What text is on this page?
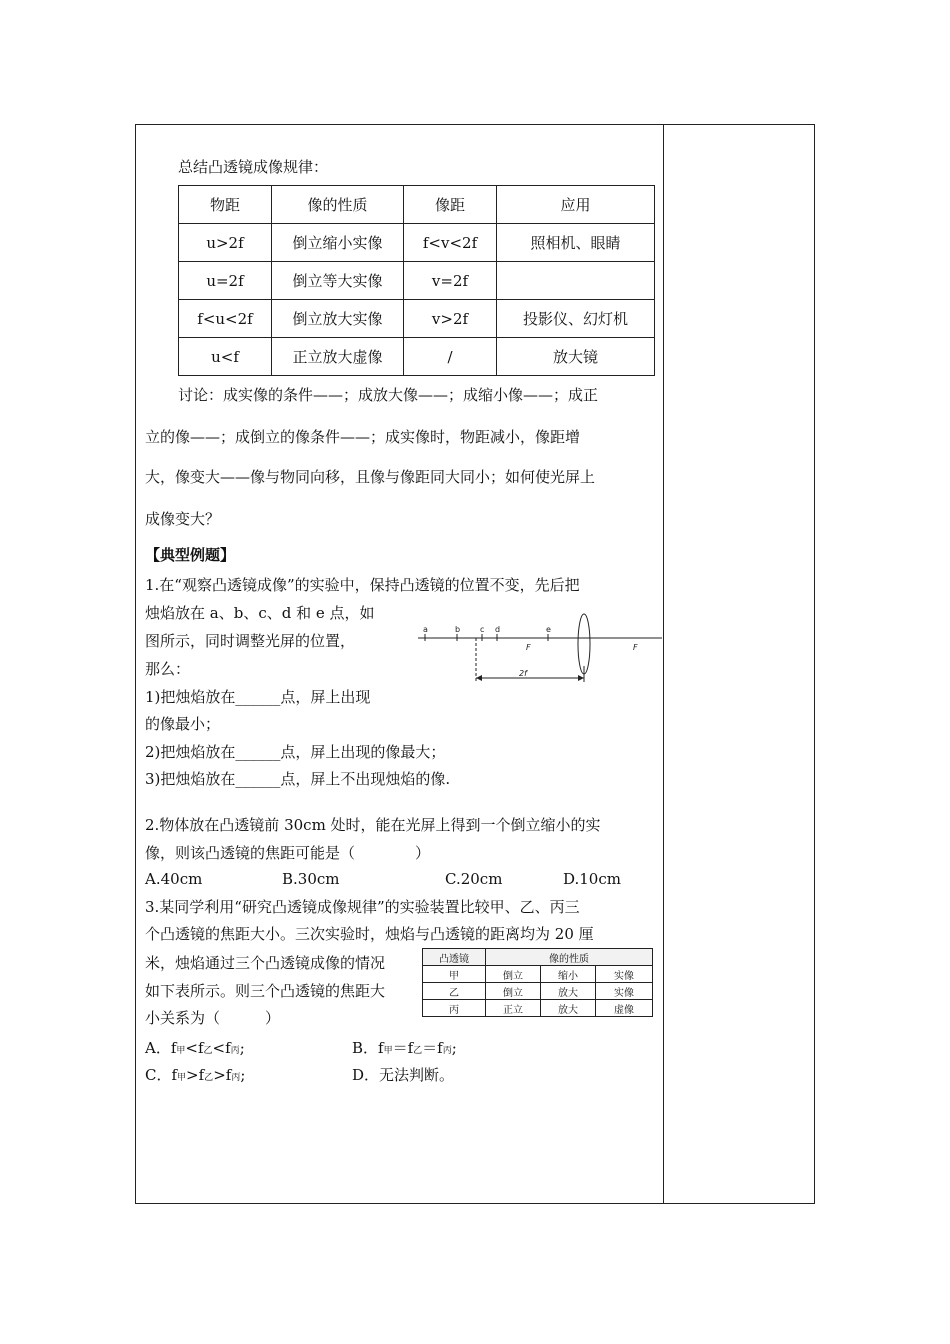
总结凸透镜成像规律：
物距	像的性质	像距	应用
u>2f	倒立缩小实像	f<v<2f	照相机、眼睛
u=2f	倒立等大实像	v=2f	
f<u<2f	倒立放大实像	v>2f	投影仪、幻灯机
u<f	正立放大虚像	/	放大镜
讨论：成实像的条件——；成放大像——；成缩小像——；成正
立的像——；成倒立的像条件——；成实像时，物距减小，像距增
大，像变大——像与物同向移，且像与像距同大同小；如何使光屏上
成像变大？
【典型例题】
1.在“观察凸透镜成像”的实验中，保持凸透镜的位置不变，先后把
烛焰放在 a、b、c、d 和 e 点，如
图所示，同时调整光屏的位置，
那么：
1)把烛焰放在______点，屏上出现
的像最小；
2)把烛焰放在______点，屏上出现的像最大；
3)把烛焰放在______点，屏上不出现烛焰的像.
a	b c d	e
F	F
2f
2.物体放在凸透镜前 30cm 处时，能在光屏上得到一个倒立缩小的实
像，则该凸透镜的焦距可能是（　　　　）
A.40cm	B.30cm	C.20cm	D.10cm
3.某同学利用“研究凸透镜成像规律”的实验装置比较甲、乙、丙三
个凸透镜的焦距大小。三次实验时，烛焰与凸透镜的距离均为 20 厘
米，烛焰通过三个凸透镜成像的情况
如下表所示。则三个凸透镜的焦距大
小关系为（　　　）
凸透镜	像的性质		
甲	倒立	缩小	实像
乙	倒立	放大	实像
丙	正立	放大	虚像
A．f甲<f乙<f丙;	B．f甲＝f乙＝f丙;
C．f甲>f乙>f丙;	D．无法判断。
